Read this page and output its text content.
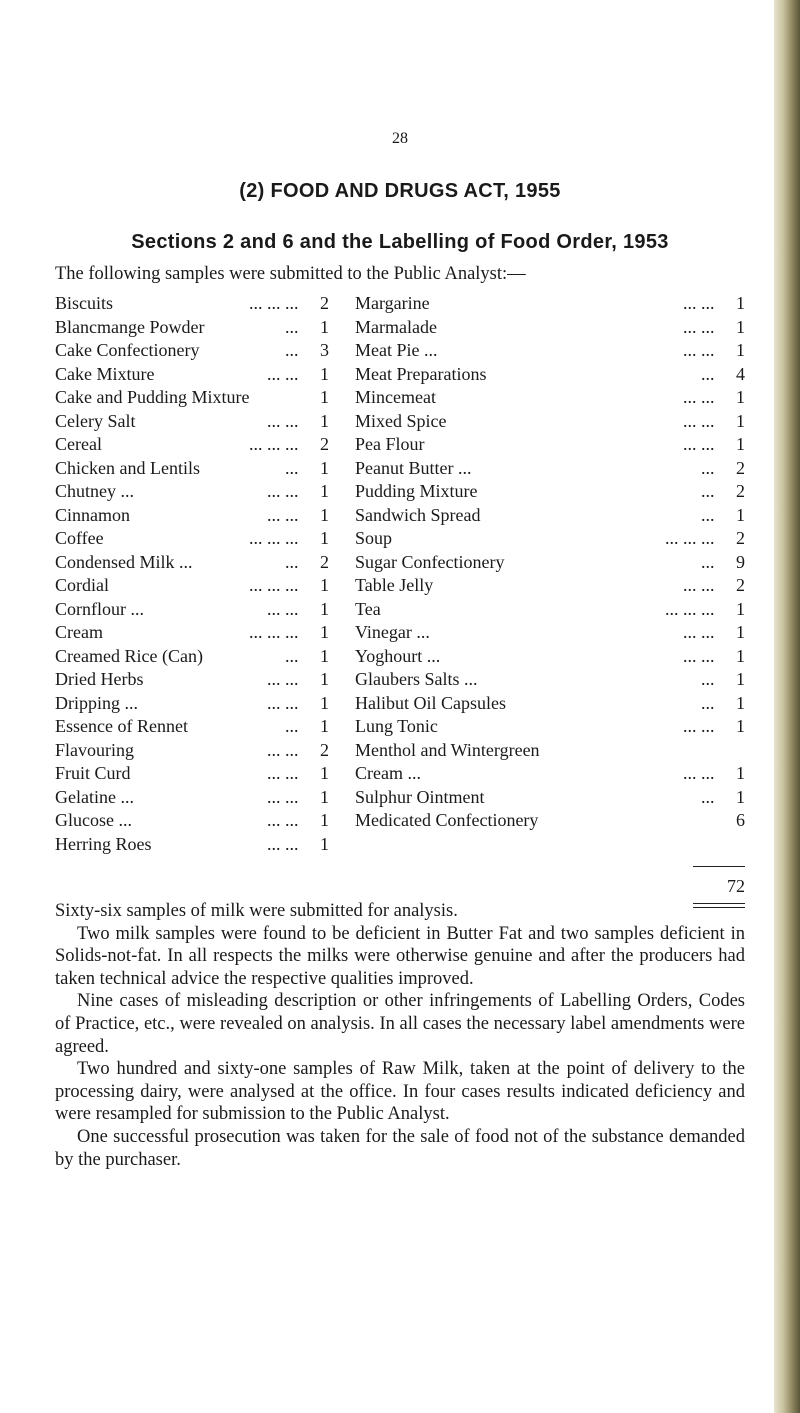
28
(2) FOOD AND DRUGS ACT, 1955
Sections 2 and 6 and the Labelling of Food Order, 1953
The following samples were submitted to the Public Analyst:—
Biscuits	... ... ... 2
Blancmange Powder	... 1
Cake Confectionery	... 3
Cake Mixture	... ... 1
Cake and Pudding Mixture	1
Celery Salt	... ... 1
Cereal	... ... ... 2
Chicken and Lentils	... 1
Chutney ...	... ... 1
Cinnamon	... ... 1
Coffee	... ... ... 1
Condensed Milk ...	... 2
Cordial	... ... ... 1
Cornflour ...	... ... 1
Cream	... ... ... 1
Creamed Rice (Can)	... 1
Dried Herbs	... ... 1
Dripping ...	... ... 1
Essence of Rennet	... 1
Flavouring	... ... 2
Fruit Curd	... ... 1
Gelatine ...	... ... 1
Glucose ...	... ... 1
Herring Roes	... ... 1
Margarine	... ... 1
Marmalade	... ... 1
Meat Pie ...	... ... 1
Meat Preparations	... 4
Mincemeat	... ... 1
Mixed Spice	... ... 1
Pea Flour	... ... 1
Peanut Butter ...	... 2
Pudding Mixture	... 2
Sandwich Spread	... 1
Soup	... ... ... 2
Sugar Confectionery	... 9
Table Jelly	... ... 2
Tea	... ... ... 1
Vinegar ...	... ... 1
Yoghourt ...	... ... 1
Glaubers Salts ...	... 1
Halibut Oil Capsules	... 1
Lung Tonic	... ... 1
Menthol and Wintergreen
Cream ...	... ... 1
Sulphur Ointment	... 1
Medicated Confectionery	6
72

Sixty-six samples of milk were submitted for analysis.

Two milk samples were found to be deficient in Butter Fat and two samples deficient in Solids-not-fat. In all respects the milks were otherwise genuine and after the producers had taken technical advice the respective qualities improved.

Nine cases of misleading description or other infringements of Labelling Orders, Codes of Practice, etc., were revealed on analysis. In all cases the necessary label amendments were agreed.

Two hundred and sixty-one samples of Raw Milk, taken at the point of delivery to the processing dairy, were analysed at the office. In four cases results indicated deficiency and were resampled for submission to the Public Analyst.

One successful prosecution was taken for the sale of food not of the substance demanded by the purchaser.
